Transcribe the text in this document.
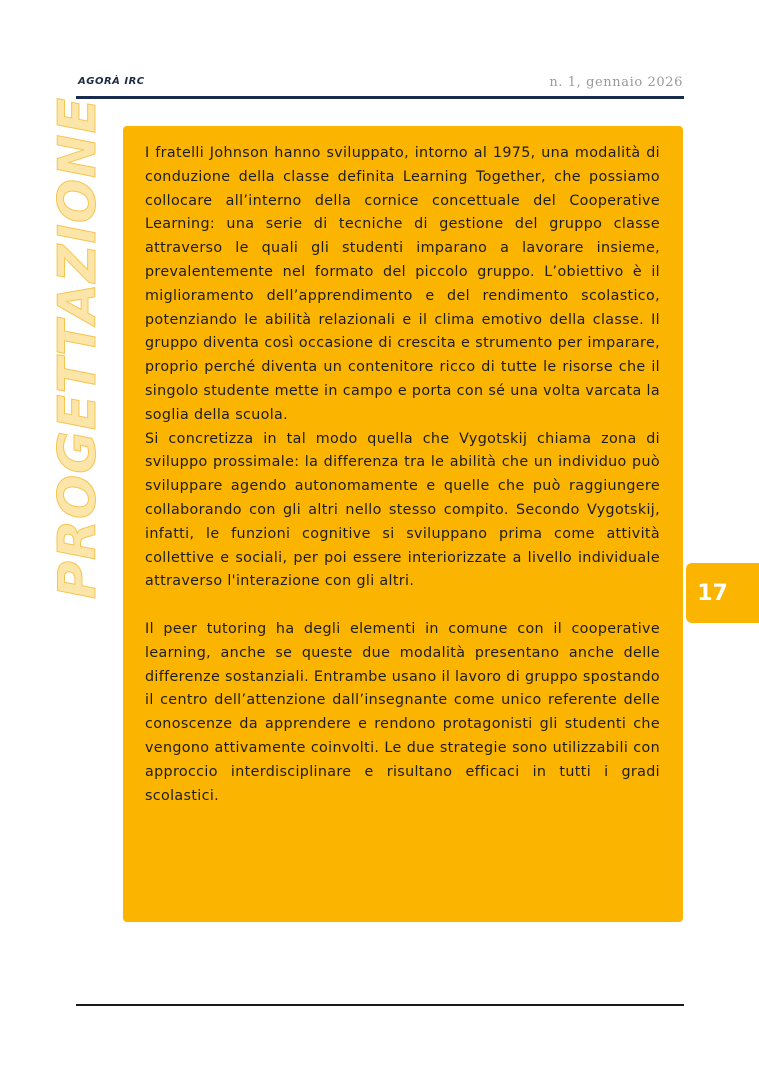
AGORÀ IRC	n. 1, gennaio 2026
PROGETTAZIONE	I fratelli Johnson hanno sviluppato, intorno al 1975, una modalità di conduzione della classe definita Learning Together, che possiamo collocare all’interno della cornice concettuale del Cooperative Learning: una serie di tecniche di gestione del gruppo classe attraverso le quali gli studenti imparano a lavorare insieme, prevalentemente nel formato del piccolo gruppo. L’obiettivo è il miglioramento dell’apprendimento e del rendimento scolastico, potenziando le abilità relazionali e il clima emotivo della classe. Il gruppo diventa così occasione di crescita e strumento per imparare, proprio perché diventa un contenitore ricco di tutte le risorse che il singolo studente mette in campo e porta con sé una volta varcata la soglia della scuola.

Si concretizza in tal modo quella che Vygotskij chiama zona di sviluppo prossimale: la differenza tra le abilità che un individuo può sviluppare agendo autonomamente e quelle che può raggiungere collaborando con gli altri nello stesso compito. Secondo Vygotskij, infatti, le funzioni cognitive si sviluppano prima come attività collettive e sociali, per poi essere interiorizzate a livello individuale attraverso l'interazione con gli altri.

Il peer tutoring ha degli elementi in comune con il cooperative learning, anche se queste due modalità presentano anche delle differenze sostanziali. Entrambe usano il lavoro di gruppo spostando il centro dell’attenzione dall’insegnante come unico referente delle conoscenze da apprendere e rendono protagonisti gli studenti che vengono attivamente coinvolti. Le due strategie sono utilizzabili con approccio interdisciplinare e risultano efficaci in tutti i gradi scolastici.

17
